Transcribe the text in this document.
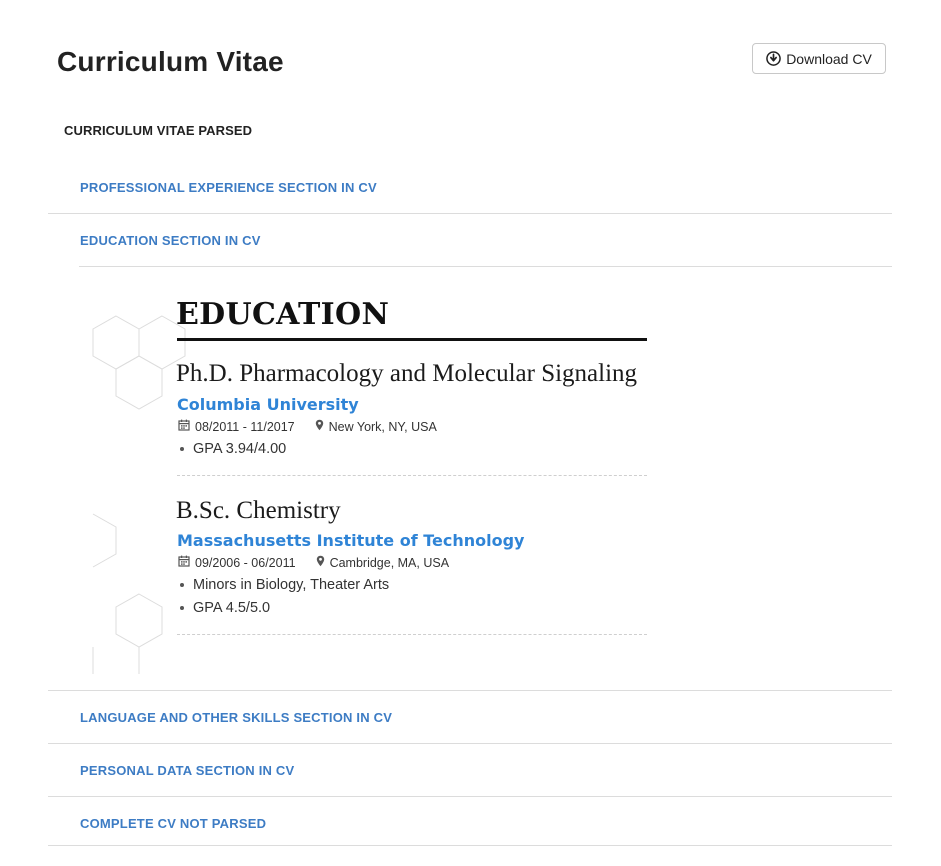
Curriculum Vitae	Download CV
CURRICULUM VITAE PARSED
PROFESSIONAL EXPERIENCE SECTION IN CV
EDUCATION SECTION IN CV
EDUCATION
Ph.D. Pharmacology and Molecular Signaling
Columbia University
08/2011 - 11/2017	New York, NY, USA
GPA 3.94/4.00
B.Sc. Chemistry
Massachusetts Institute of Technology
09/2006 - 06/2011	Cambridge, MA, USA
Minors in Biology, Theater Arts
GPA 4.5/5.0
LANGUAGE AND OTHER SKILLS SECTION IN CV
PERSONAL DATA SECTION IN CV
COMPLETE CV NOT PARSED
